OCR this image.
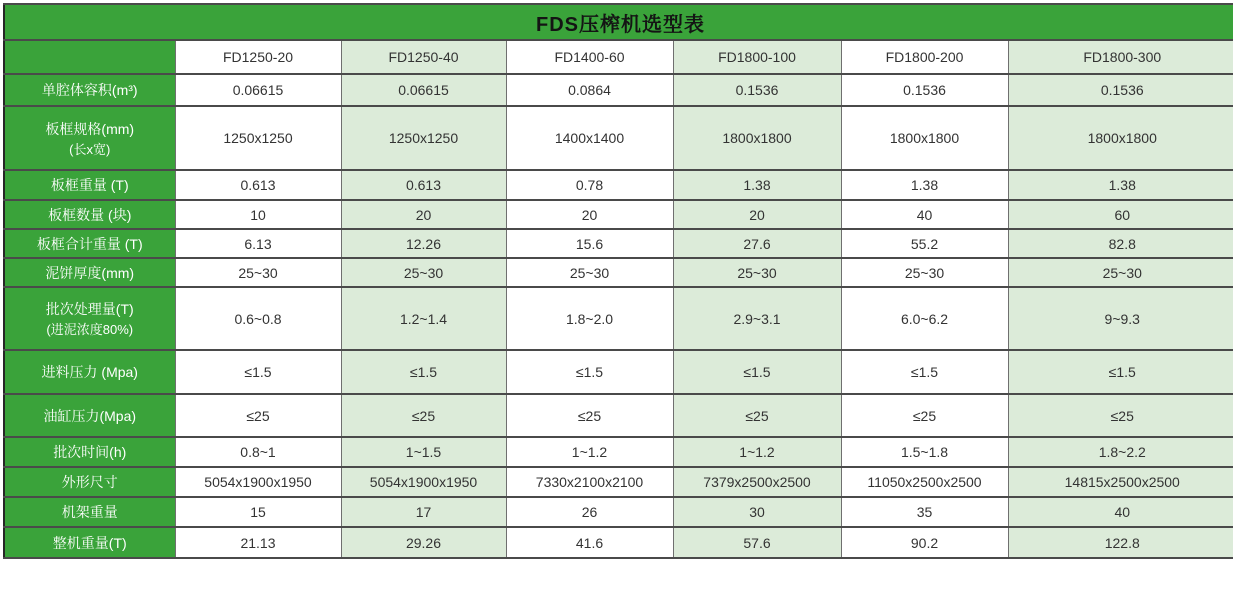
FDS压榨机选型表						
	FD1250-20	FD1250-40	FD1400-60	FD1800-100	FD1800-200	FD1800-300

单腔体容积(m³)	0.06615	0.06615	0.0864	0.1536	0.1536	0.1536

板框规格(mm)
(长x宽)	1250x1250	1250x1250	1400x1400	1800x1800	1800x1800	1800x1800

板框重量 (T)	0.613	0.613	0.78	1.38	1.38	1.38

板框数量 (块)	10	20	20	20	40	60

板框合计重量 (T)	6.13	12.26	15.6	27.6	55.2	82.8

泥饼厚度(mm)	25~30	25~30	25~30	25~30	25~30	25~30

批次处理量(T)
(进泥浓度80%)	0.6~0.8	1.2~1.4	1.8~2.0	2.9~3.1	6.0~6.2	9~9.3

进料压力 (Mpa)	≤1.5	≤1.5	≤1.5	≤1.5	≤1.5	≤1.5

油缸压力(Mpa)	≤25	≤25	≤25	≤25	≤25	≤25

批次时间(h)	0.8~1	1~1.5	1~1.2	1~1.2	1.5~1.8	1.8~2.2

外形尺寸	5054x1900x1950	5054x1900x1950	7330x2100x2100	7379x2500x2500	11050x2500x2500	14815x2500x2500

机架重量	15	17	26	30	35	40

整机重量(T)	21.13	29.26	41.6	57.6	90.2	122.8
